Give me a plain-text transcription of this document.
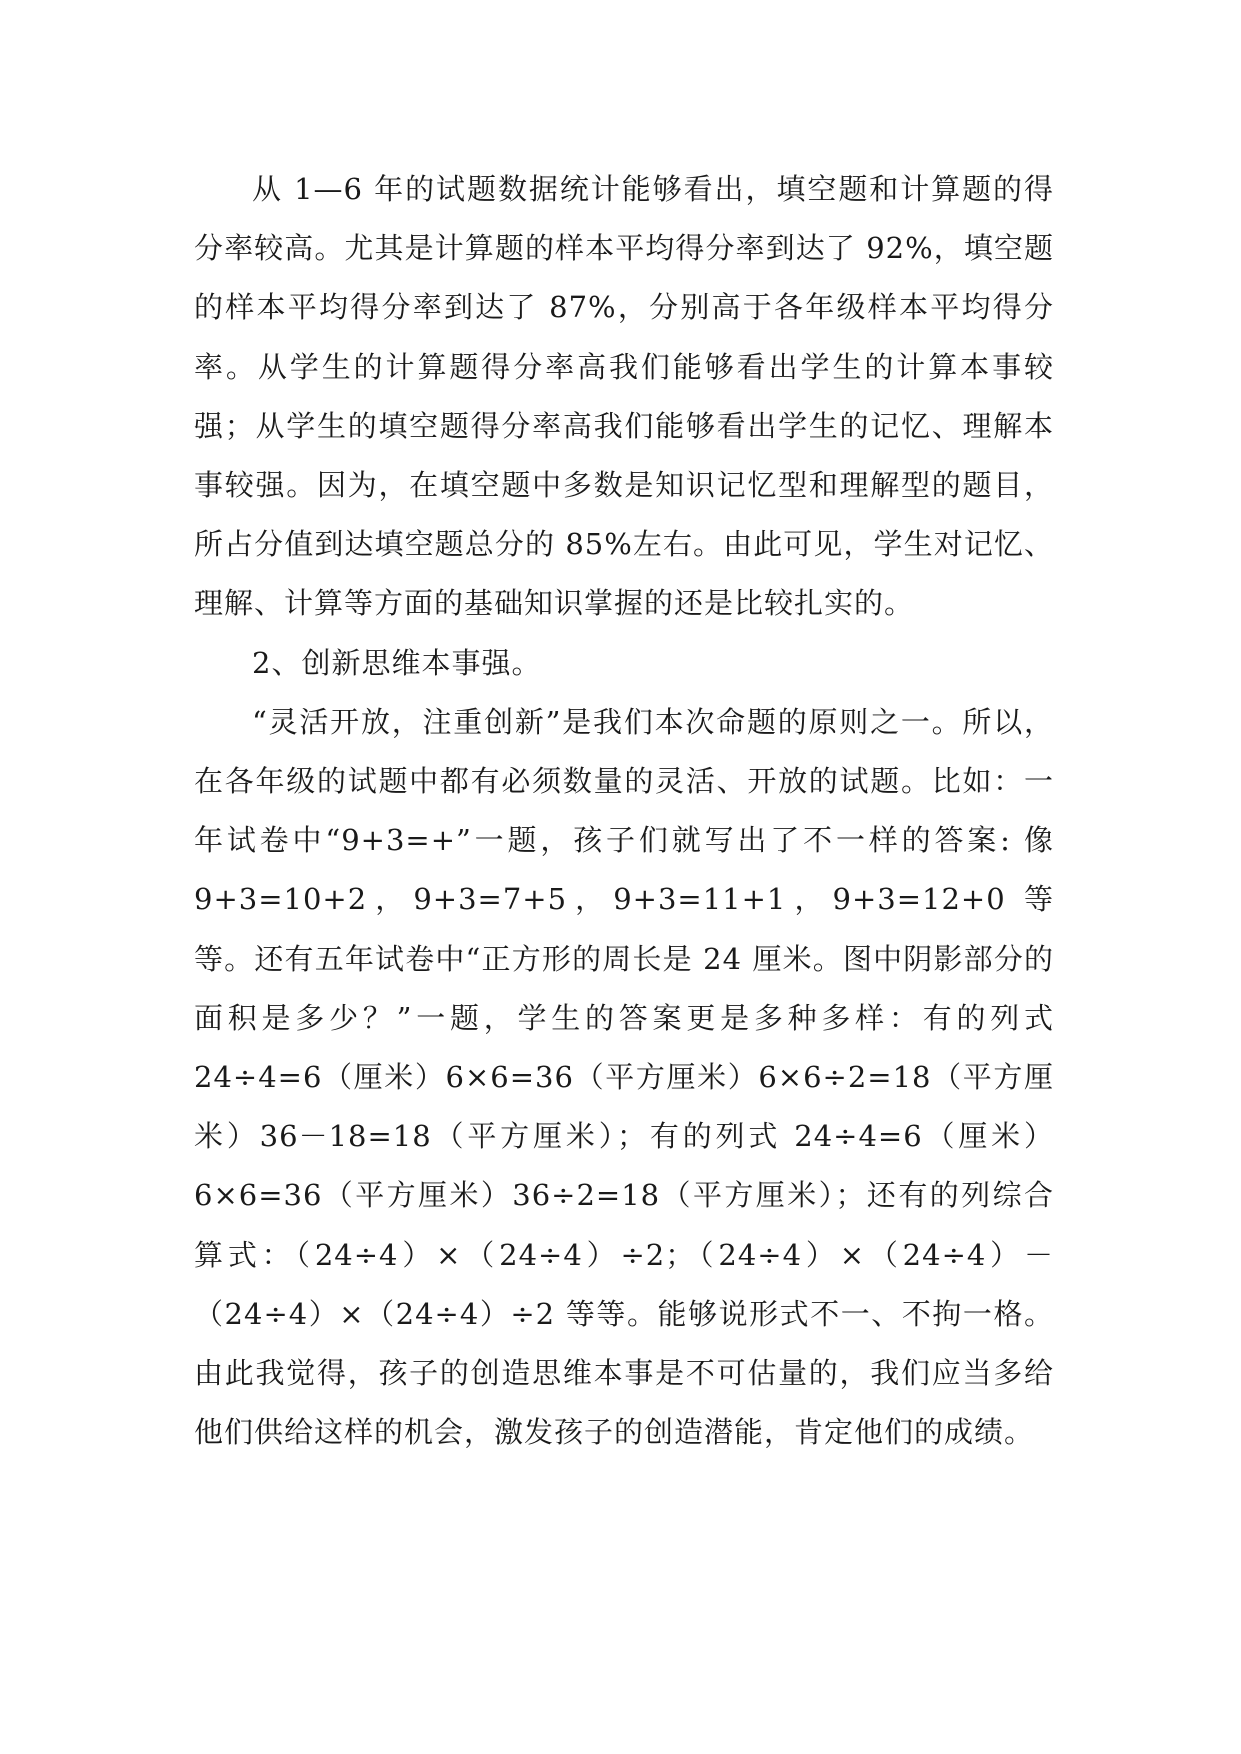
从 1—6 年的试题数据统计能够看出，填空题和计算题的得分率较高。尤其是计算题的样本平均得分率到达了 92%，填空题的样本平均得分率到达了 87%，分别高于各年级样本平均得分率。从学生的计算题得分率高我们能够看出学生的计算本事较强；从学生的填空题得分率高我们能够看出学生的记忆、理解本事较强。因为，在填空题中多数是知识记忆型和理解型的题目，所占分值到达填空题总分的 85%左右。由此可见，学生对记忆、理解、计算等方面的基础知识掌握的还是比较扎实的。

2、创新思维本事强。

“灵活开放，注重创新”是我们本次命题的原则之一。所以，在各年级的试题中都有必须数量的灵活、开放的试题。比如：一年试卷中“9+3=+”一题，孩子们就写出了不一样的答案: 像 9+3=10+2，9+3=7+5，9+3=11+1，9+3=12+0 等等。还有五年试卷中“正方形的周长是 24 厘米。图中阴影部分的面积是多少？”一题，学生的答案更是多种多样：有的列式 24÷4=6（厘米）6×6=36（平方厘米）6×6÷2=18（平方厘米）36－18=18（平方厘米）；有的列式 24÷4=6（厘米）6×6=36（平方厘米）36÷2=18（平方厘米）；还有的列综合算式：（24÷4）×（24÷4）÷2；（24÷4）×（24÷4）－（24÷4）×（24÷4）÷2 等等。能够说形式不一、不拘一格。由此我觉得，孩子的创造思维本事是不可估量的，我们应当多给他们供给这样的机会，激发孩子的创造潜能，肯定他们的成绩。
